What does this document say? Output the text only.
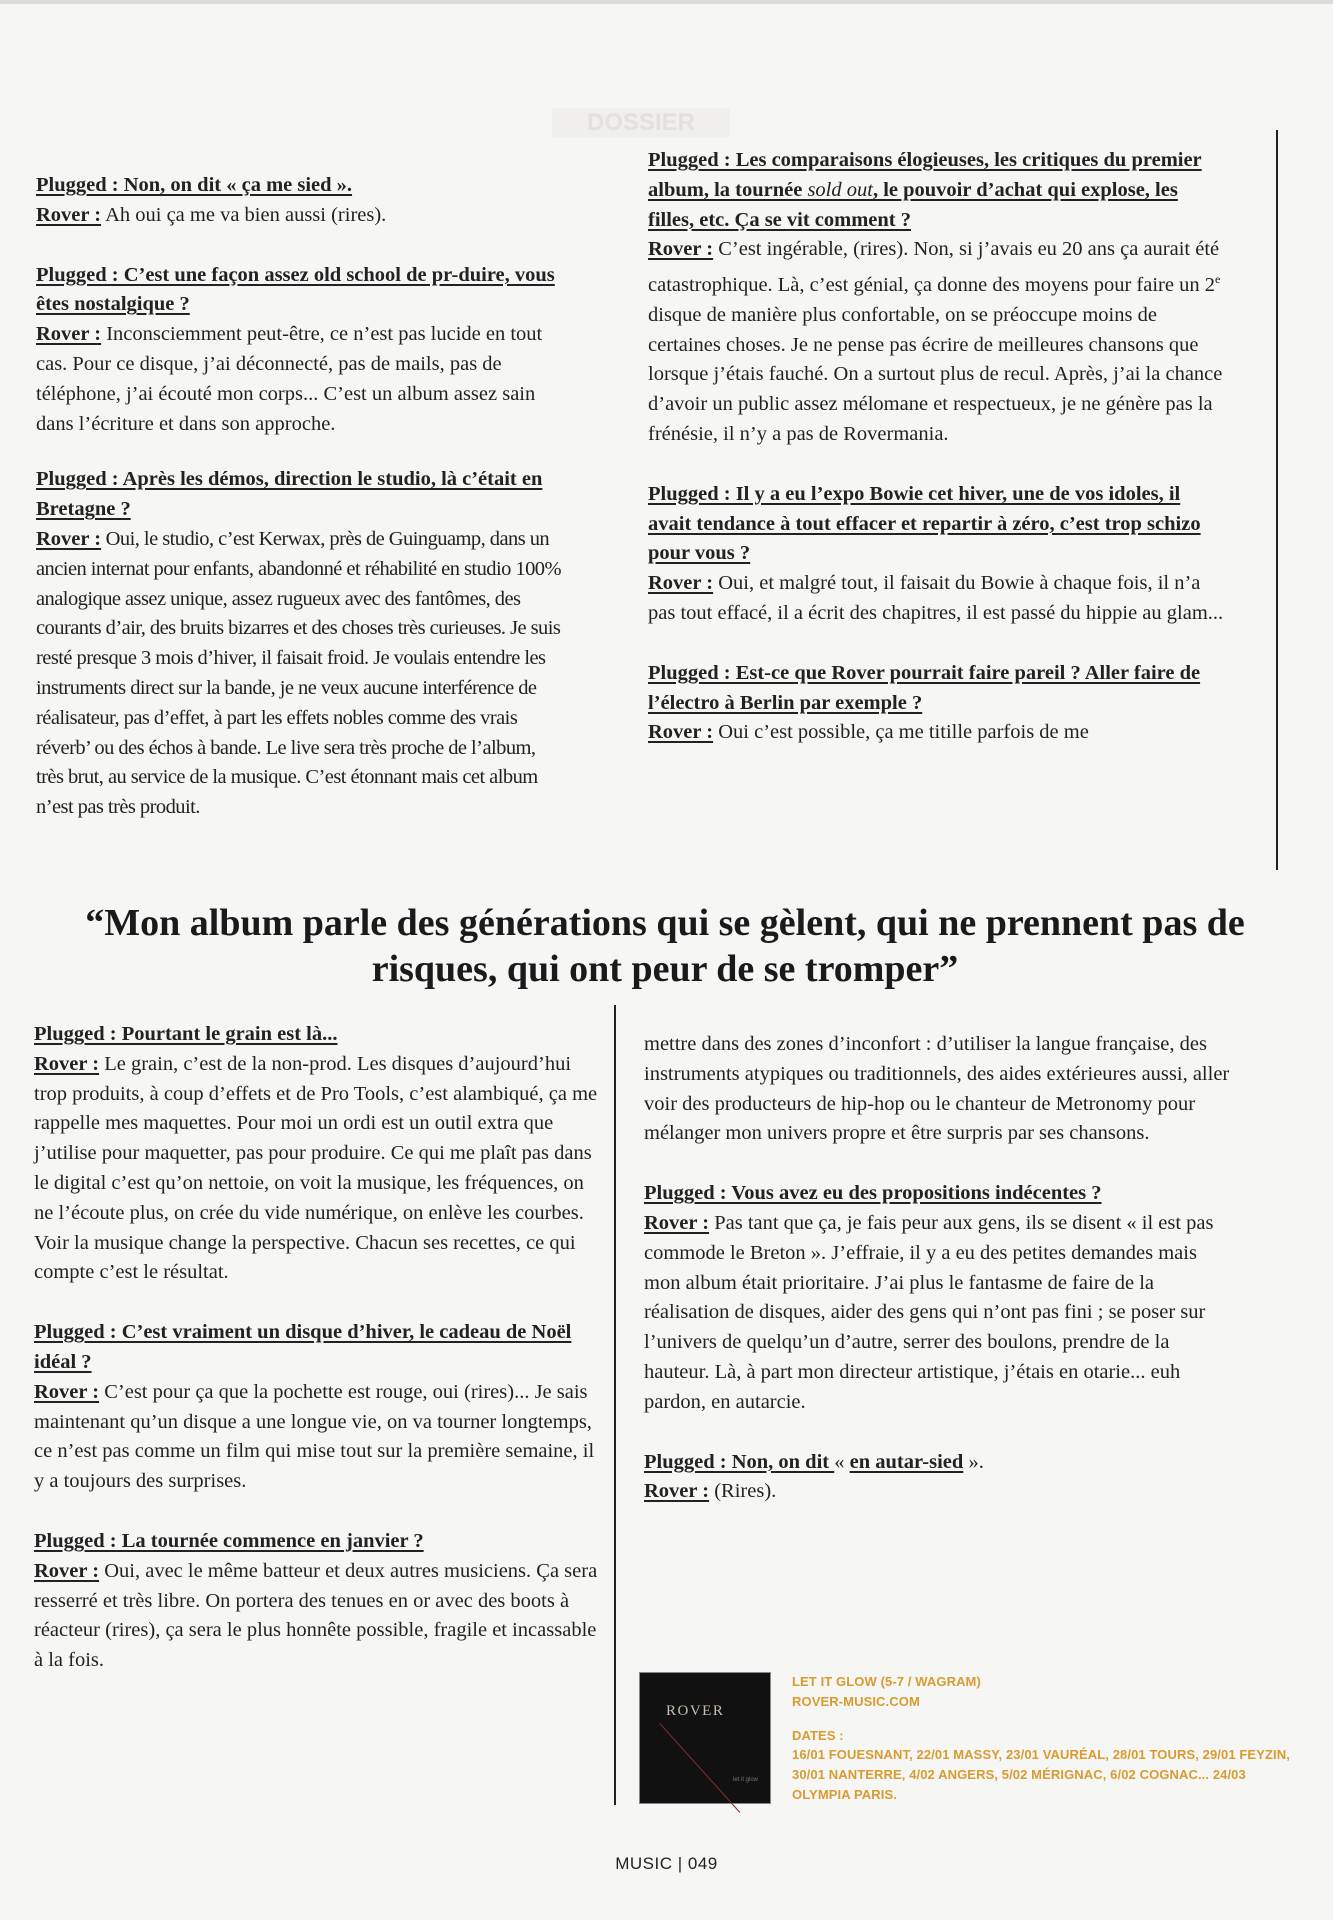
DOSSIER
Plugged : Non, on dit « ça me sied ».
Rover : Ah oui ça me va bien aussi (rires).
Plugged : C’est une façon assez old school de pr-duire, vous êtes nostalgique ?
Rover : Inconsciemment peut-être, ce n’est pas lucide en tout cas. Pour ce disque, j’ai déconnecté, pas de mails, pas de téléphone, j’ai écouté mon corps... C’est un album assez sain dans l’écriture et dans son approche.
Plugged : Après les démos, direction le studio, là c’était en Bretagne ?
Rover : Oui, le studio, c’est Kerwax, près de Guinguamp, dans un ancien internat pour enfants, abandonné et réhabilité en studio 100% analogique assez unique, assez rugueux avec des fantômes, des courants d’air, des bruits bizarres et des choses très curieuses. Je suis resté presque 3 mois d’hiver, il faisait froid. Je voulais entendre les instruments direct sur la bande, je ne veux aucune interférence de réalisateur, pas d’effet, à part les effets nobles comme des vrais réverb’ ou des échos à bande. Le live sera très proche de l’album, très brut, au service de la musique. C’est étonnant mais cet album n’est pas très produit.
Plugged : Les comparaisons élogieuses, les critiques du premier album, la tournée sold out, le pouvoir d’achat qui explose, les filles, etc. Ça se vit comment ?
Rover : C’est ingérable, (rires). Non, si j’avais eu 20 ans ça aurait été catastrophique. Là, c’est génial, ça donne des moyens pour faire un 2e disque de manière plus confortable, on se préoccupe moins de certaines choses. Je ne pense pas écrire de meilleures chansons que lorsque j’étais fauché. On a surtout plus de recul. Après, j’ai la chance d’avoir un public assez mélomane et respectueux, je ne génère pas la frénésie, il n’y a pas de Rovermania.
Plugged : Il y a eu l’expo Bowie cet hiver, une de vos idoles, il avait tendance à tout effacer et repartir à zéro, c’est trop schizo pour vous ?
Rover : Oui, et malgré tout, il faisait du Bowie à chaque fois, il n’a pas tout effacé, il a écrit des chapitres, il est passé du hippie au glam...
Plugged : Est-ce que Rover pourrait faire pareil ? Aller faire de l’électro à Berlin par exemple ?
Rover : Oui c’est possible, ça me titille parfois de me
“Mon album parle des générations qui se gèlent, qui ne prennent pas de risques, qui ont peur de se tromper”
Plugged : Pourtant le grain est là...
Rover : Le grain, c’est de la non-prod. Les disques d’aujourd’hui trop produits, à coup d’effets et de Pro Tools, c’est alambiqué, ça me rappelle mes maquettes. Pour moi un ordi est un outil extra que j’utilise pour maquetter, pas pour produire. Ce qui me plaît pas dans le digital c’est qu’on nettoie, on voit la musique, les fréquences, on ne l’écoute plus, on crée du vide numérique, on enlève les courbes. Voir la musique change la perspective. Chacun ses recettes, ce qui compte c’est le résultat.
Plugged : C’est vraiment un disque d’hiver, le cadeau de Noël idéal ?
Rover : C’est pour ça que la pochette est rouge, oui (rires)... Je sais maintenant qu’un disque a une longue vie, on va tourner longtemps, ce n’est pas comme un film qui mise tout sur la première semaine, il y a toujours des surprises.
Plugged : La tournée commence en janvier ?
Rover : Oui, avec le même batteur et deux autres musiciens. Ça sera resserré et très libre. On portera des tenues en or avec des boots à réacteur (rires), ça sera le plus honnête possible, fragile et incassable à la fois.
mettre dans des zones d’inconfort : d’utiliser la langue française, des instruments atypiques ou traditionnels, des aides extérieures aussi, aller voir des producteurs de hip-hop ou le chanteur de Metronomy pour mélanger mon univers propre et être surpris par ses chansons.
Plugged : Vous avez eu des propositions indécentes ?
Rover : Pas tant que ça, je fais peur aux gens, ils se disent « il est pas commode le Breton ». J’effraie, il y a eu des petites demandes mais mon album était prioritaire. J’ai plus le fantasme de faire de la réalisation de disques, aider des gens qui n’ont pas fini ; se poser sur l’univers de quelqu’un d’autre, serrer des boulons, prendre de la hauteur. Là, à part mon directeur artistique, j’étais en otarie... euh pardon, en autarcie.
Plugged : Non, on dit « en autar-sied ».
Rover : (Rires).
ROVER
let it glow
LET IT GLOW (5-7 / WAGRAM)
ROVER-MUSIC.COM
DATES :
16/01 FOUESNANT, 22/01 MASSY, 23/01 VAURÉAL, 28/01 TOURS, 29/01 FEYZIN, 30/01 NANTERRE, 4/02 ANGERS, 5/02 MÉRIGNAC, 6/02 COGNAC... 24/03 OLYMPIA PARIS.
MUSIC | 049
